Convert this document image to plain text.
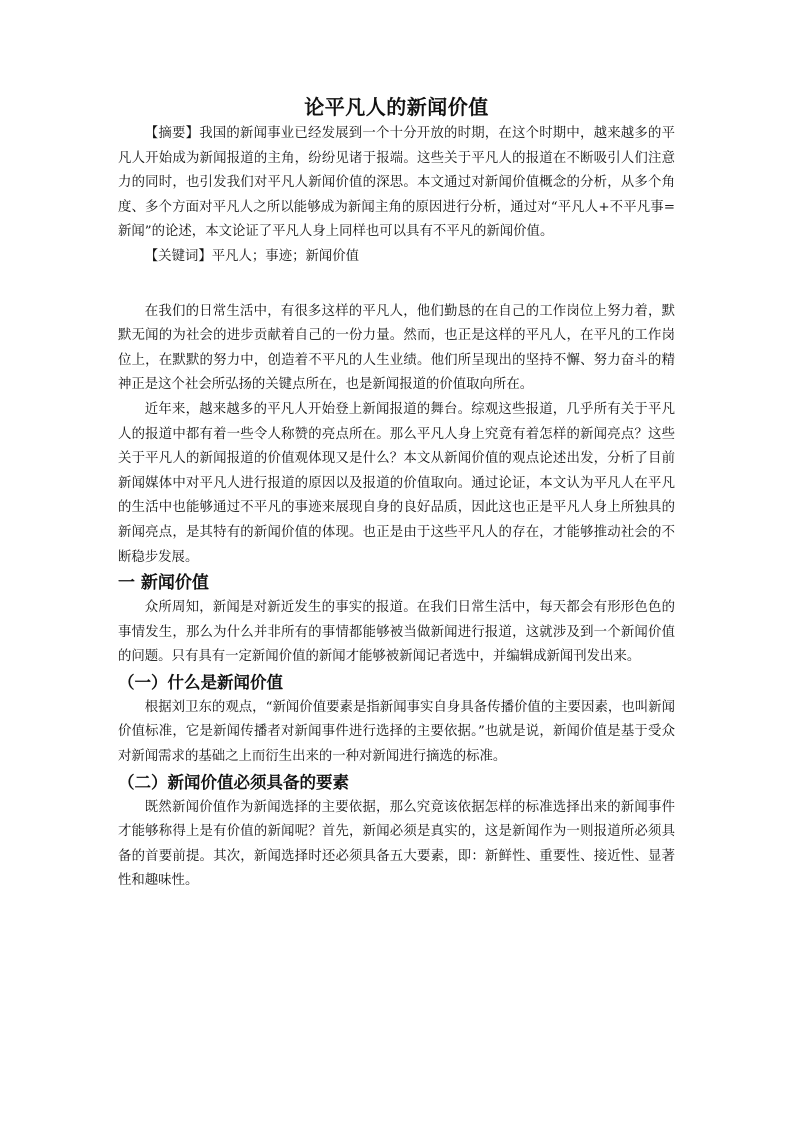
论平凡人的新闻价值

【摘要】我国的新闻事业已经发展到一个十分开放的时期，在这个时期中，越来越多的平凡人开始成为新闻报道的主角，纷纷见诸于报端。这些关于平凡人的报道在不断吸引人们注意力的同时，也引发我们对平凡人新闻价值的深思。本文通过对新闻价值概念的分析，从多个角度、多个方面对平凡人之所以能够成为新闻主角的原因进行分析，通过对“平凡人+不平凡事=新闻”的论述，本文论证了平凡人身上同样也可以具有不平凡的新闻价值。

【关键词】平凡人；事迹；新闻价值

在我们的日常生活中，有很多这样的平凡人，他们勤恳的在自己的工作岗位上努力着，默默无闻的为社会的进步贡献着自己的一份力量。然而，也正是这样的平凡人，在平凡的工作岗位上，在默默的努力中，创造着不平凡的人生业绩。他们所呈现出的坚持不懈、努力奋斗的精神正是这个社会所弘扬的关键点所在，也是新闻报道的价值取向所在。

近年来，越来越多的平凡人开始登上新闻报道的舞台。综观这些报道，几乎所有关于平凡人的报道中都有着一些令人称赞的亮点所在。那么平凡人身上究竟有着怎样的新闻亮点？这些关于平凡人的新闻报道的价值观体现又是什么？本文从新闻价值的观点论述出发，分析了目前新闻媒体中对平凡人进行报道的原因以及报道的价值取向。通过论证，本文认为平凡人在平凡的生活中也能够通过不平凡的事迹来展现自身的良好品质，因此这也正是平凡人身上所独具的新闻亮点，是其特有的新闻价值的体现。也正是由于这些平凡人的存在，才能够推动社会的不断稳步发展。

一 新闻价值

众所周知，新闻是对新近发生的事实的报道。在我们日常生活中，每天都会有形形色色的事情发生，那么为什么并非所有的事情都能够被当做新闻进行报道，这就涉及到一个新闻价值的问题。只有具有一定新闻价值的新闻才能够被新闻记者选中，并编辑成新闻刊发出来。

（一）什么是新闻价值

根据刘卫东的观点，“新闻价值要素是指新闻事实自身具备传播价值的主要因素，也叫新闻价值标准，它是新闻传播者对新闻事件进行选择的主要依据。”也就是说，新闻价值是基于受众对新闻需求的基础之上而衍生出来的一种对新闻进行摘选的标准。

（二）新闻价值必须具备的要素

既然新闻价值作为新闻选择的主要依据，那么究竟该依据怎样的标准选择出来的新闻事件才能够称得上是有价值的新闻呢？首先，新闻必须是真实的，这是新闻作为一则报道所必须具备的首要前提。其次，新闻选择时还必须具备五大要素，即：新鲜性、重要性、接近性、显著性和趣味性。
